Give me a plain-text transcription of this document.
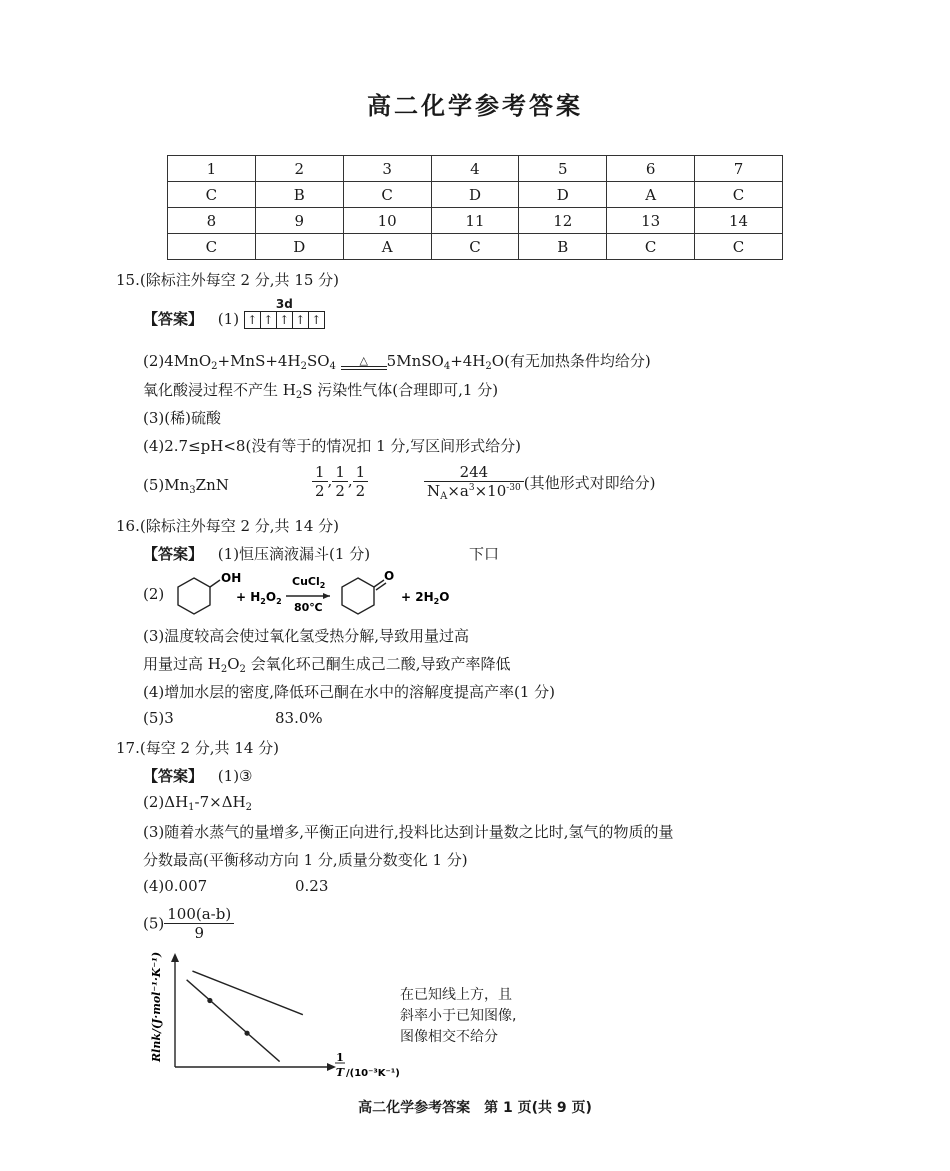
高二化学参考答案
1	2	3	4	5	6	7
C	B	C	D	D	A	C
8	9	10	11	12	13	14
C	D	A	C	B	C	C
15.(除标注外每空 2 分,共 15 分)
【答案】 (1)
3d
↑ ↑ ↑ ↑ ↑
$(2)4MnO_2+MnS+4H_2SO_4$	△	$5MnSO_4+4H_2O$(有无加热条件均给分)
氧化酸浸过程不产生 $H_2S$ 污染性气体(合理即可,1 分)
(3)(稀)硫酸
(4)2.7≤pH<8(没有等于的情况扣 1 分,写区间形式给分)
$(5)Mn_3ZnN$	$\frac{1}{2}$ , $\frac{1}{2}$ , $\frac{1}{2}$	$\frac{244}{N_A\times a^3\times 10^{-30}}$ (其他形式对即给分)
16.(除标注外每空 2 分,共 14 分)
【答案】 (1)恒压滴液漏斗(1 分)	下口
(2)
OH
+ $H_2O_2$
CuCl$_2$
80℃
O
+ $2H_2O$
(3)温度较高会使过氧化氢受热分解,导致用量过高
用量过高 $H_2O_2$ 会氧化环己酮生成己二酸,导致产率降低
(4)增加水层的密度,降低环己酮在水中的溶解度提高产率(1 分)
(5)3	83.0%
17.(每空 2 分,共 14 分)
【答案】 (1)③
$(2)\Delta H_1-7\times\Delta H_2$
(3)随着水蒸气的量增多,平衡正向进行,投料比达到计量数之比时,氢气的物质的量
分数最高(平衡移动方向 1 分,质量分数变化 1 分)
(4)0.007	0.23
$(5) \frac{100(a-b)}{9}$
Rlnk/(J·mol⁻¹·K⁻¹)	1
T /(10⁻³K⁻¹)
在已知线上方，且
斜率小于已知图像,
图像相交不给分
高二化学参考答案　第 1 页(共 9 页)
